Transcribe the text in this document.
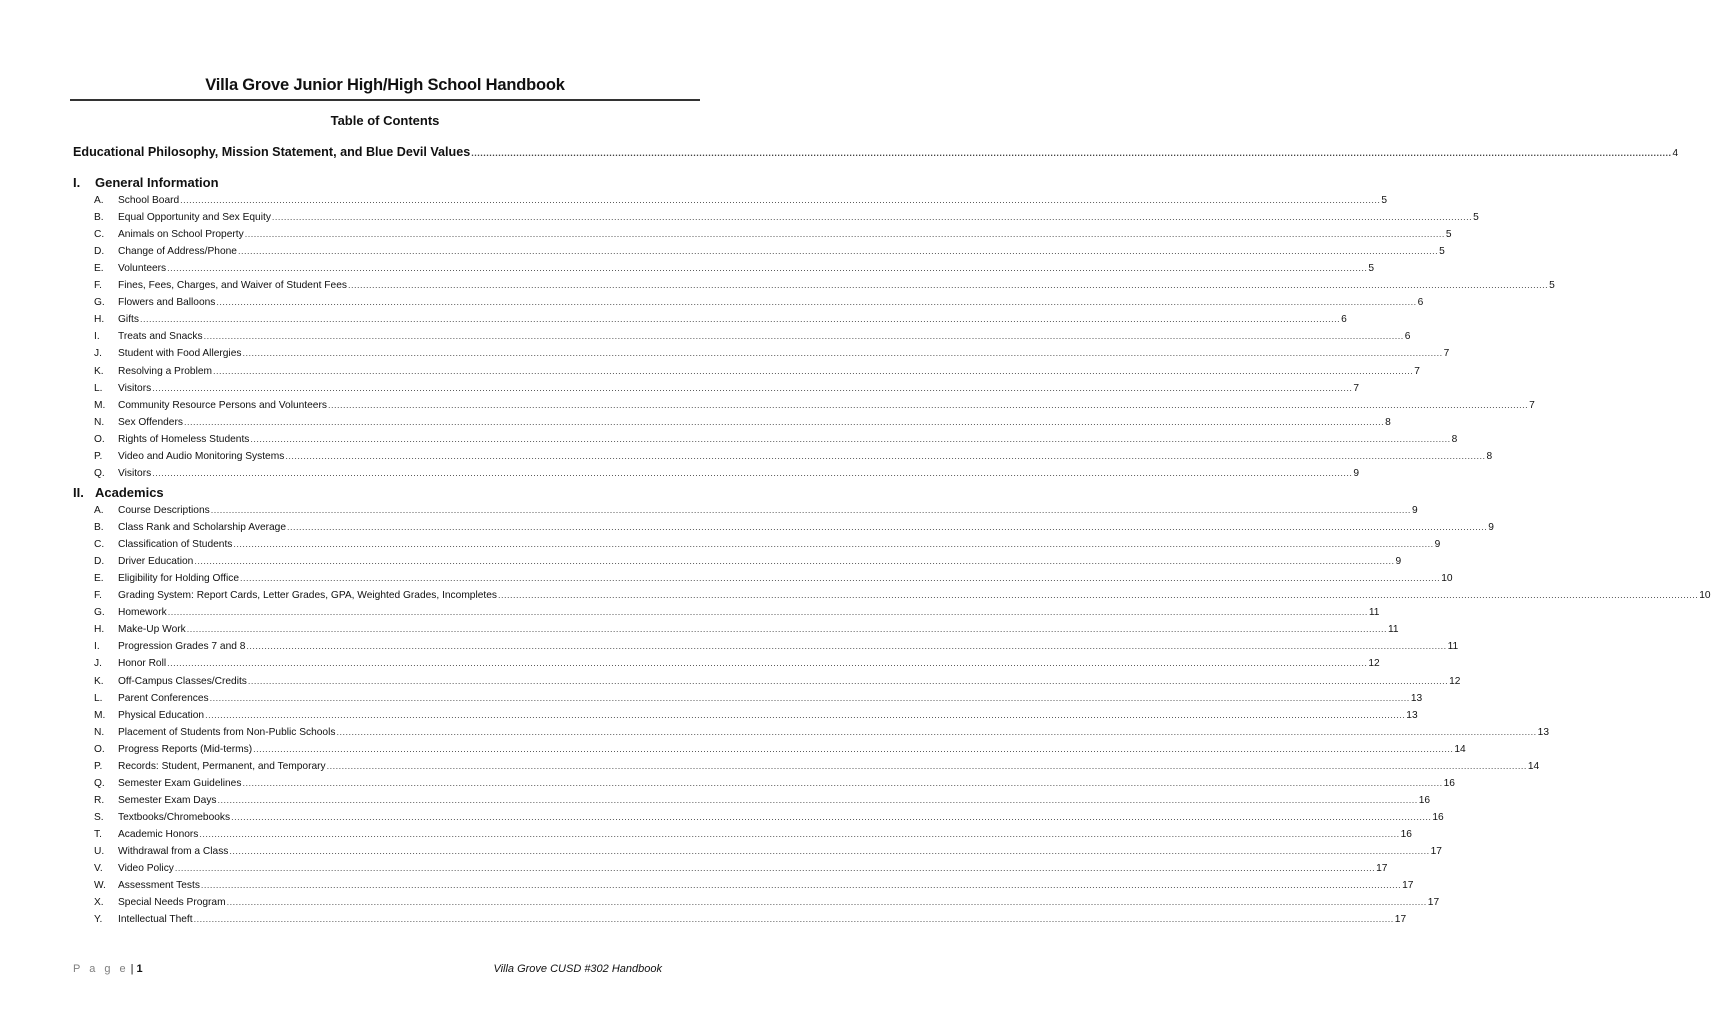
Villa Grove Junior High/High School Handbook
Table of Contents
Educational Philosophy, Mission Statement, and Blue Devil Values ................................................................................................................................................................................................................................................................................................................................................................................................................ 4
I. General Information
A. School Board ................................................................................................................................................................................................................................................................................................................................................................................................................ 5
B. Equal Opportunity and Sex Equity ................................................................................................................................................................................................................................................................................................................................................................................................................ 5
C. Animals on School Property ................................................................................................................................................................................................................................................................................................................................................................................................................ 5
D. Change of Address/Phone ................................................................................................................................................................................................................................................................................................................................................................................................................ 5
E. Volunteers ................................................................................................................................................................................................................................................................................................................................................................................................................ 5
F. Fines, Fees, Charges, and Waiver of Student Fees ................................................................................................................................................................................................................................................................................................................................................................................................................ 5
G. Flowers and Balloons ................................................................................................................................................................................................................................................................................................................................................................................................................ 6
H. Gifts ................................................................................................................................................................................................................................................................................................................................................................................................................ 6
I. Treats and Snacks ................................................................................................................................................................................................................................................................................................................................................................................................................ 6
J. Student with Food Allergies ................................................................................................................................................................................................................................................................................................................................................................................................................ 7
K. Resolving a Problem ................................................................................................................................................................................................................................................................................................................................................................................................................ 7
L. Visitors ................................................................................................................................................................................................................................................................................................................................................................................................................ 7
M. Community Resource Persons and Volunteers ................................................................................................................................................................................................................................................................................................................................................................................................................ 7
N. Sex Offenders ................................................................................................................................................................................................................................................................................................................................................................................................................ 8
O. Rights of Homeless Students ................................................................................................................................................................................................................................................................................................................................................................................................................ 8
P. Video and Audio Monitoring Systems ................................................................................................................................................................................................................................................................................................................................................................................................................ 8
Q. Visitors ................................................................................................................................................................................................................................................................................................................................................................................................................ 9
II. Academics
A. Course Descriptions ................................................................................................................................................................................................................................................................................................................................................................................................................ 9
B. Class Rank and Scholarship Average ................................................................................................................................................................................................................................................................................................................................................................................................................ 9
C. Classification of Students ................................................................................................................................................................................................................................................................................................................................................................................................................ 9
D. Driver Education ................................................................................................................................................................................................................................................................................................................................................................................................................ 9
E. Eligibility for Holding Office ................................................................................................................................................................................................................................................................................................................................................................................................................ 10
F. Grading System: Report Cards, Letter Grades, GPA, Weighted Grades, Incompletes ................................................................................................................................................................................................................................................................................................................................................................................................................ 10
G. Homework ................................................................................................................................................................................................................................................................................................................................................................................................................ 11
H. Make-Up Work ................................................................................................................................................................................................................................................................................................................................................................................................................ 11
I. Progression Grades 7 and 8 ................................................................................................................................................................................................................................................................................................................................................................................................................ 11
J. Honor Roll ................................................................................................................................................................................................................................................................................................................................................................................................................ 12
K. Off-Campus Classes/Credits ................................................................................................................................................................................................................................................................................................................................................................................................................ 12
L. Parent Conferences ................................................................................................................................................................................................................................................................................................................................................................................................................ 13
M. Physical Education ................................................................................................................................................................................................................................................................................................................................................................................................................ 13
N. Placement of Students from Non-Public Schools ................................................................................................................................................................................................................................................................................................................................................................................................................ 13
O. Progress Reports (Mid-terms) ................................................................................................................................................................................................................................................................................................................................................................................................................ 14
P. Records: Student, Permanent, and Temporary ................................................................................................................................................................................................................................................................................................................................................................................................................ 14
Q. Semester Exam Guidelines ................................................................................................................................................................................................................................................................................................................................................................................................................ 16
R. Semester Exam Days ................................................................................................................................................................................................................................................................................................................................................................................................................ 16
S. Textbooks/Chromebooks ................................................................................................................................................................................................................................................................................................................................................................................................................ 16
T. Academic Honors ................................................................................................................................................................................................................................................................................................................................................................................................................ 16
U. Withdrawal from a Class ................................................................................................................................................................................................................................................................................................................................................................................................................ 17
V. Video Policy ................................................................................................................................................................................................................................................................................................................................................................................................................ 17
W. Assessment Tests ................................................................................................................................................................................................................................................................................................................................................................................................................ 17
X. Special Needs Program ................................................................................................................................................................................................................................................................................................................................................................................................................ 17
Y. Intellectual Theft ................................................................................................................................................................................................................................................................................................................................................................................................................ 17
P a g e | 1	Villa Grove CUSD #302 Handbook
